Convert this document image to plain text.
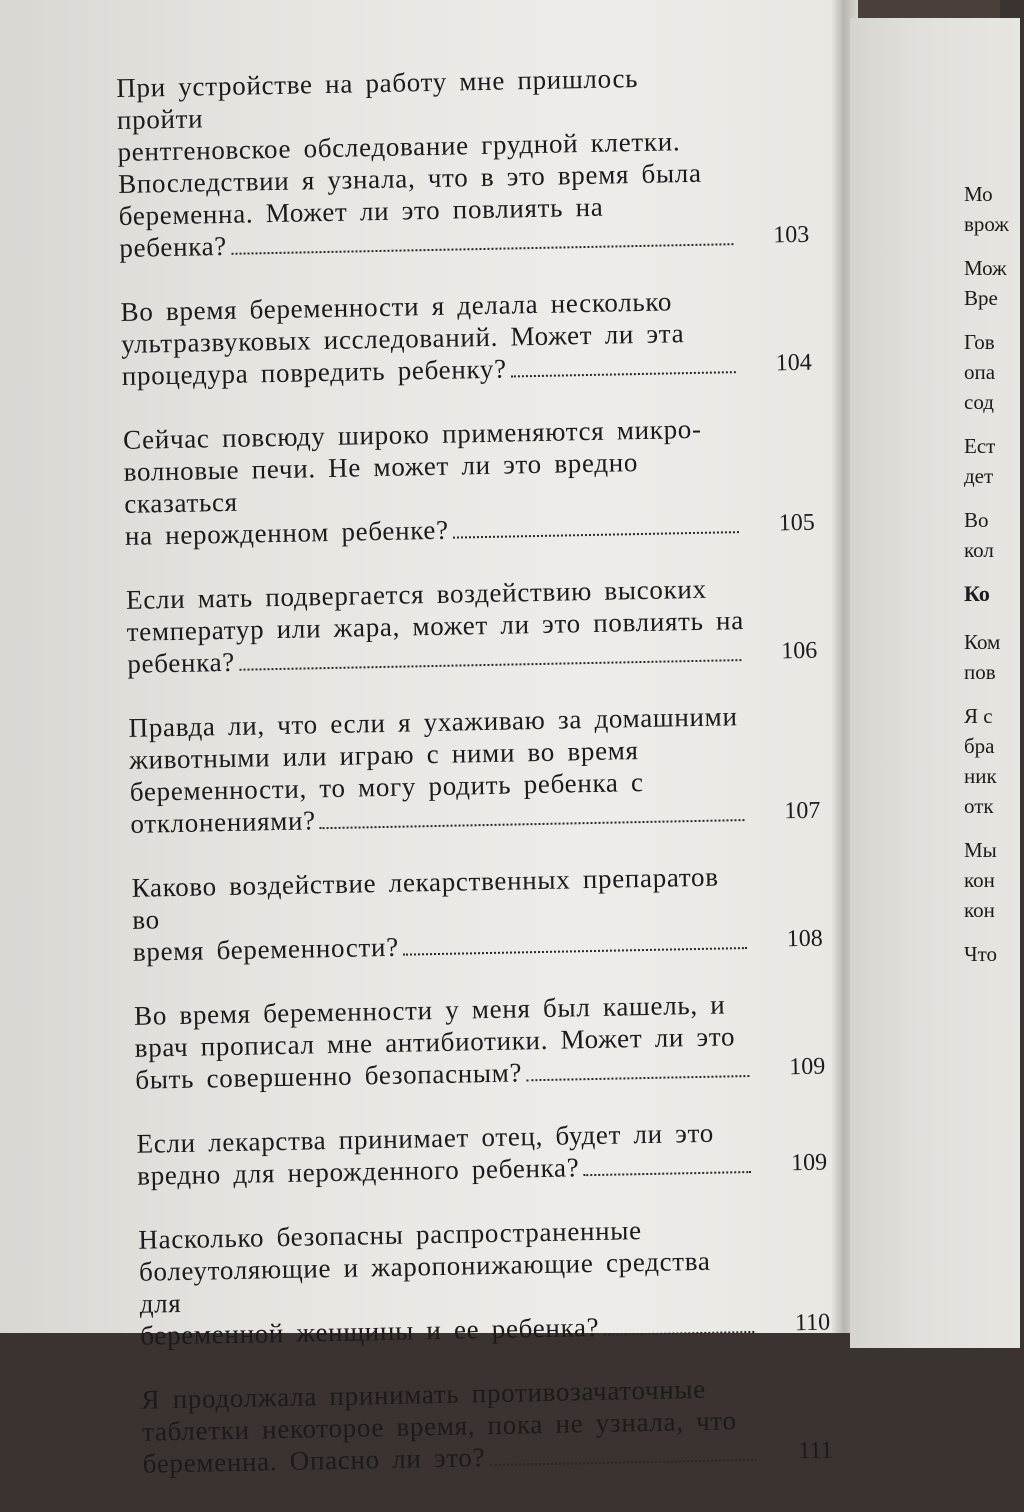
При устройстве на работу мне пришлось пройти
рентгеновское обследование грудной клетки.
Впоследствии я узнала, что в это время была
беременна. Может ли это повлиять на
ребенка?	103
Во время беременности я делала несколько
ультразвуковых исследований. Может ли эта
процедура повредить ребенку?	104
Сейчас повсюду широко применяются микро-
волновые печи. Не может ли это вредно сказаться
на нерожденном ребенке?	105
Если мать подвергается воздействию высоких
температур или жара, может ли это повлиять на
ребенка?	106
Правда ли, что если я ухаживаю за домашними
животными или играю с ними во время
беременности, то могу родить ребенка с
отклонениями?	107
Каково воздействие лекарственных препаратов во
время беременности?	108
Во время беременности у меня был кашель, и
врач прописал мне антибиотики. Может ли это
быть совершенно безопасным?	109
Если лекарства принимает отец, будет ли это
вредно для нерожденного ребенка?	109
Насколько безопасны распространенные
болеутоляющие и жаропонижающие средства для
беременной женщины и ее ребенка?	110
Я продолжала принимать противозачаточные
таблетки некоторое время, пока не узнала, что
беременна. Опасно ли это?	111
Мо
врож
Мож
Вре
Гов
опа
сод
Ест
дет
Во
кол
Ко
Ком
пов
Я с
бра
ник
отк
Мы
кон
кон
Что
